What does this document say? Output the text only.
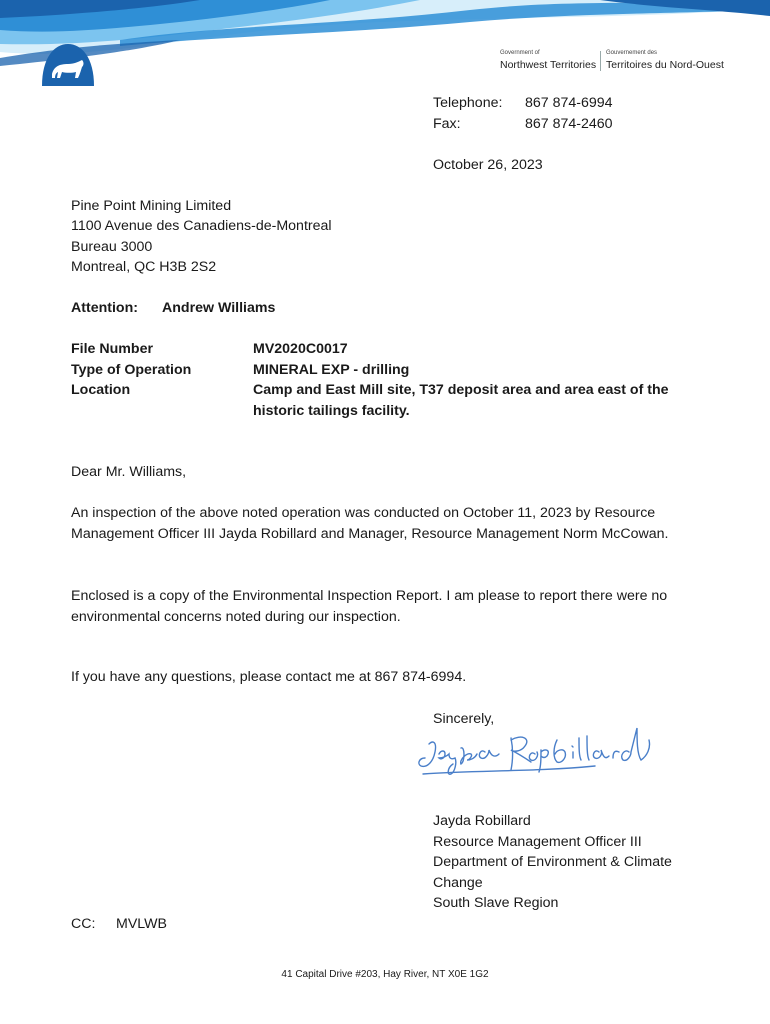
Government of
Northwest Territories
Gouvernement des
Territoires du Nord-Ouest
Telephone: 867 874-6994
Fax:	867 874-2460
October 26, 2023
Pine Point Mining Limited
1100 Avenue des Canadiens-de-Montreal
Bureau 3000
Montreal, QC H3B 2S2
Attention: Andrew Williams
File Number	MV2020C0017
Type of Operation	MINERAL EXP - drilling
Location	Camp and East Mill site, T37 deposit area and area east of the
historic tailings facility.
Dear Mr. Williams,
An inspection of the above noted operation was conducted on October 11, 2023 by Resource Management Officer III Jayda Robillard and Manager, Resource Management Norm McCowan.
Enclosed is a copy of the Environmental Inspection Report. I am please to report there were no environmental concerns noted during our inspection.
If you have any questions, please contact me at 867 874-6994.
Sincerely,
Jayda Robillard
Resource Management Officer III
Department of Environment & Climate
Change
South Slave Region
CC: MVLWB
41 Capital Drive #203, Hay River, NT X0E 1G2
